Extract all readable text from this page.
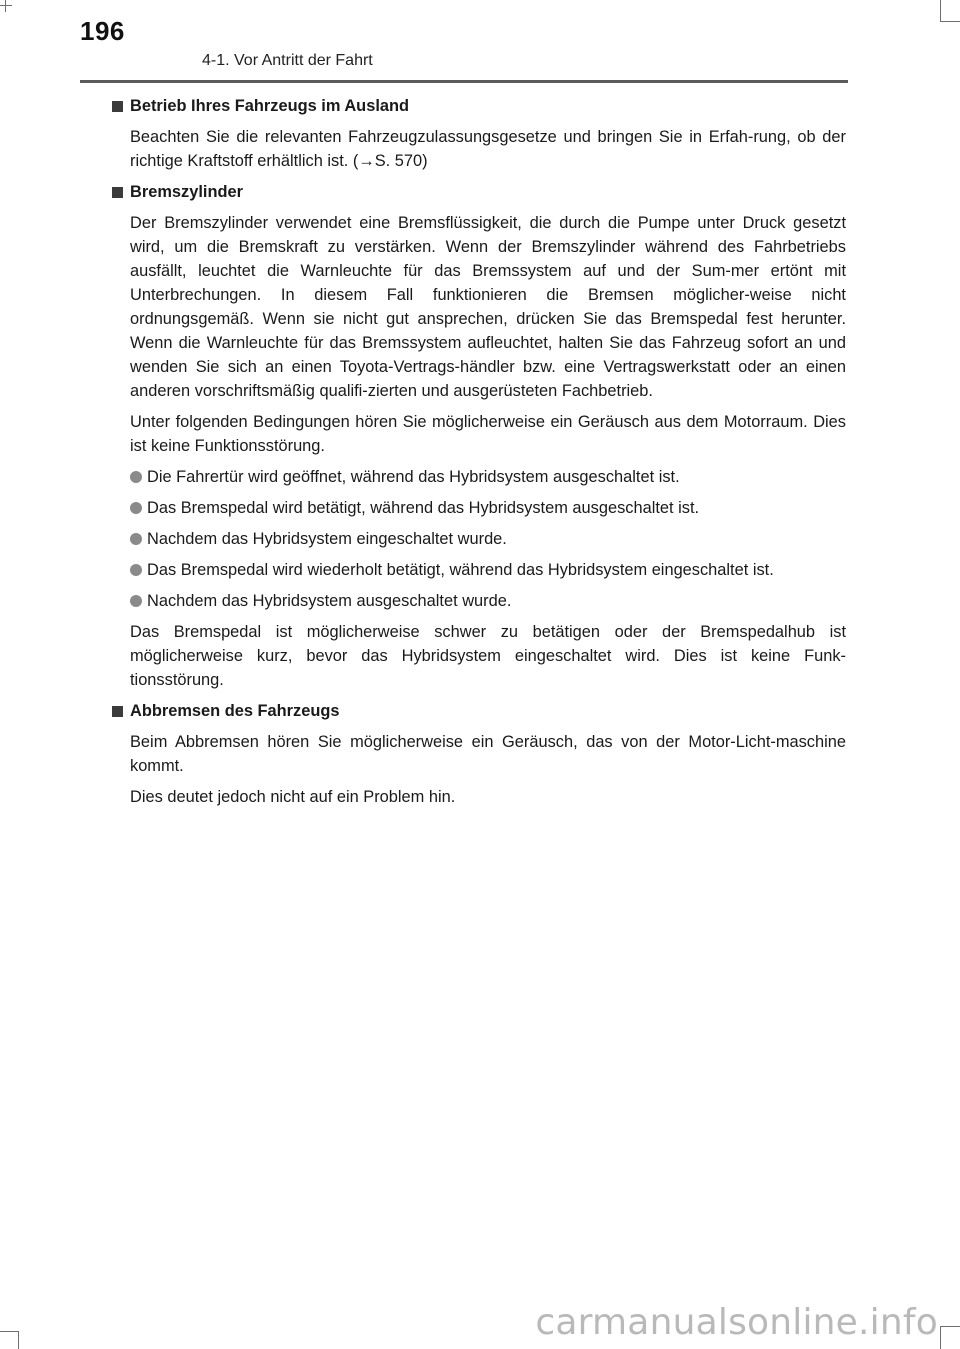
196
4-1. Vor Antritt der Fahrt
Betrieb Ihres Fahrzeugs im Ausland

Beachten Sie die relevanten Fahrzeugzulassungsgesetze und bringen Sie in Erfah-rung, ob der richtige Kraftstoff erhältlich ist. (→S. 570)

Bremszylinder

Der Bremszylinder verwendet eine Bremsflüssigkeit, die durch die Pumpe unter Druck gesetzt wird, um die Bremskraft zu verstärken. Wenn der Bremszylinder während des Fahrbetriebs ausfällt, leuchtet die Warnleuchte für das Bremssystem auf und der Sum-mer ertönt mit Unterbrechungen. In diesem Fall funktionieren die Bremsen möglicher-weise nicht ordnungsgemäß. Wenn sie nicht gut ansprechen, drücken Sie das Bremspedal fest herunter. Wenn die Warnleuchte für das Bremssystem aufleuchtet, halten Sie das Fahrzeug sofort an und wenden Sie sich an einen Toyota-Vertrags-händler bzw. eine Vertragswerkstatt oder an einen anderen vorschriftsmäßig qualifi-zierten und ausgerüsteten Fachbetrieb.

Unter folgenden Bedingungen hören Sie möglicherweise ein Geräusch aus dem Motorraum. Dies ist keine Funktionsstörung.

Die Fahrertür wird geöffnet, während das Hybridsystem ausgeschaltet ist.
Das Bremspedal wird betätigt, während das Hybridsystem ausgeschaltet ist.
Nachdem das Hybridsystem eingeschaltet wurde.
Das Bremspedal wird wiederholt betätigt, während das Hybridsystem eingeschaltet ist.
Nachdem das Hybridsystem ausgeschaltet wurde.

Das Bremspedal ist möglicherweise schwer zu betätigen oder der Bremspedalhub ist möglicherweise kurz, bevor das Hybridsystem eingeschaltet wird. Dies ist keine Funk-tionsstörung.

Abbremsen des Fahrzeugs

Beim Abbremsen hören Sie möglicherweise ein Geräusch, das von der Motor-Licht-maschine kommt.

Dies deutet jedoch nicht auf ein Problem hin.

carmanualsonline.info
